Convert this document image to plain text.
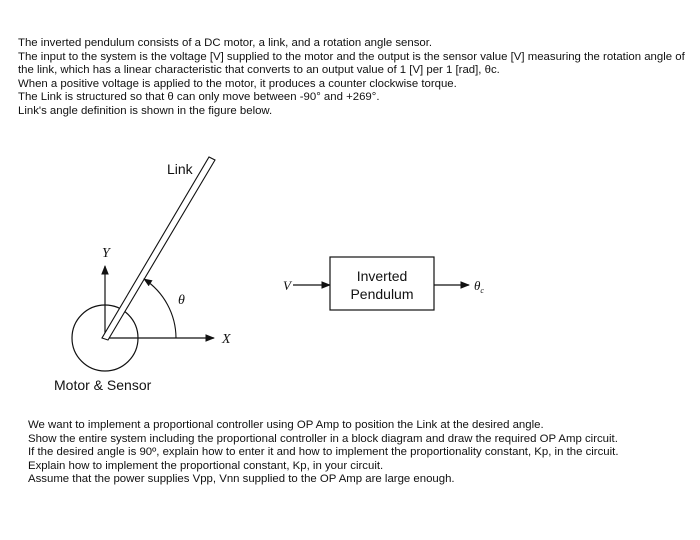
The inverted pendulum consists of a DC motor, a link, and a rotation angle sensor.

The input to the system is the voltage [V] supplied to the motor and the output is the sensor value [V] measuring the rotation angle of the link, which has a linear characteristic that converts to an output value of 1 [V] per 1 [rad], θc.

When a positive voltage is applied to the motor, it produces a counter clockwise torque.

The Link is structured so that θ can only move between -90° and +269°.

Link's angle definition is shown in the figure below.

Link
Y
X
θ
Motor & Sensor
V
Inverted
Pendulum
$\theta_c$

We want to implement a proportional controller using OP Amp to position the Link at the desired angle.

Show the entire system including the proportional controller in a block diagram and draw the required OP Amp circuit.

If the desired angle is 90º, explain how to enter it and how to implement the proportionality constant, Kp, in the circuit.

Explain how to implement the proportional constant, Kp, in your circuit.

Assume that the power supplies Vpp, Vnn supplied to the OP Amp are large enough.
